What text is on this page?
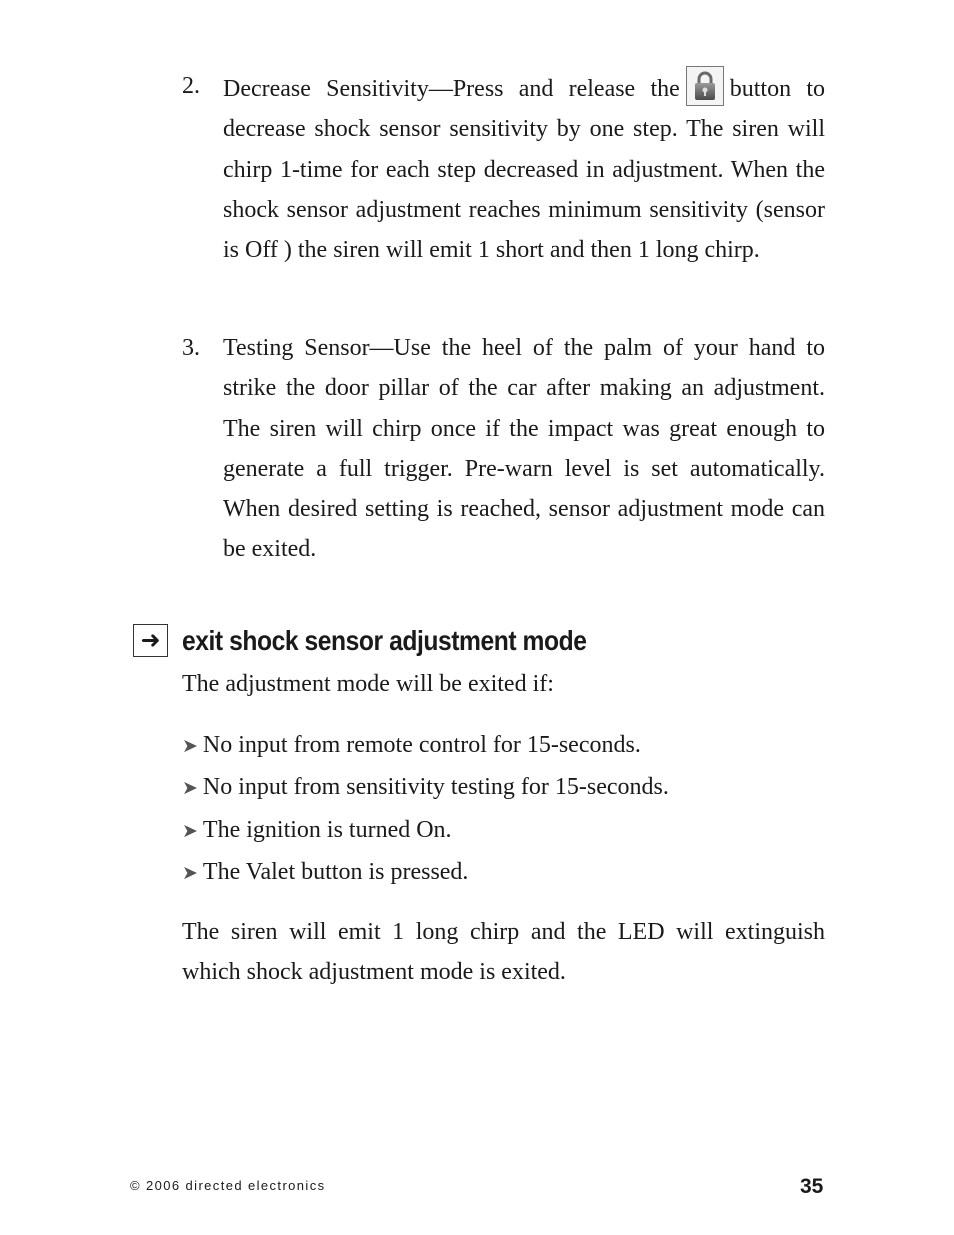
2. Decrease Sensitivity—Press and release the button to decrease shock sensor sensitivity by one step. The siren will chirp 1-time for each step decreased in adjustment. When the shock sensor adjustment reaches minimum sensitivity (sensor is Off ) the siren will emit 1 short and then 1 long chirp.
3. Testing Sensor—Use the heel of the palm of your hand to strike the door pillar of the car after making an adjustment. The siren will chirp once if the impact was great enough to generate a full trigger. Pre-warn level is set automatically. When desired setting is reached, sensor adjustment mode can be exited.
➜ exit shock sensor adjustment mode
The adjustment mode will be exited if:
➤ No input from remote control for 15-seconds.
➤ No input from sensitivity testing for 15-seconds.
➤ The ignition is turned On.
➤ The Valet button is pressed.
The siren will emit 1 long chirp and the LED will extinguish which shock adjustment mode is exited.
© 2006 directed electronics	35
